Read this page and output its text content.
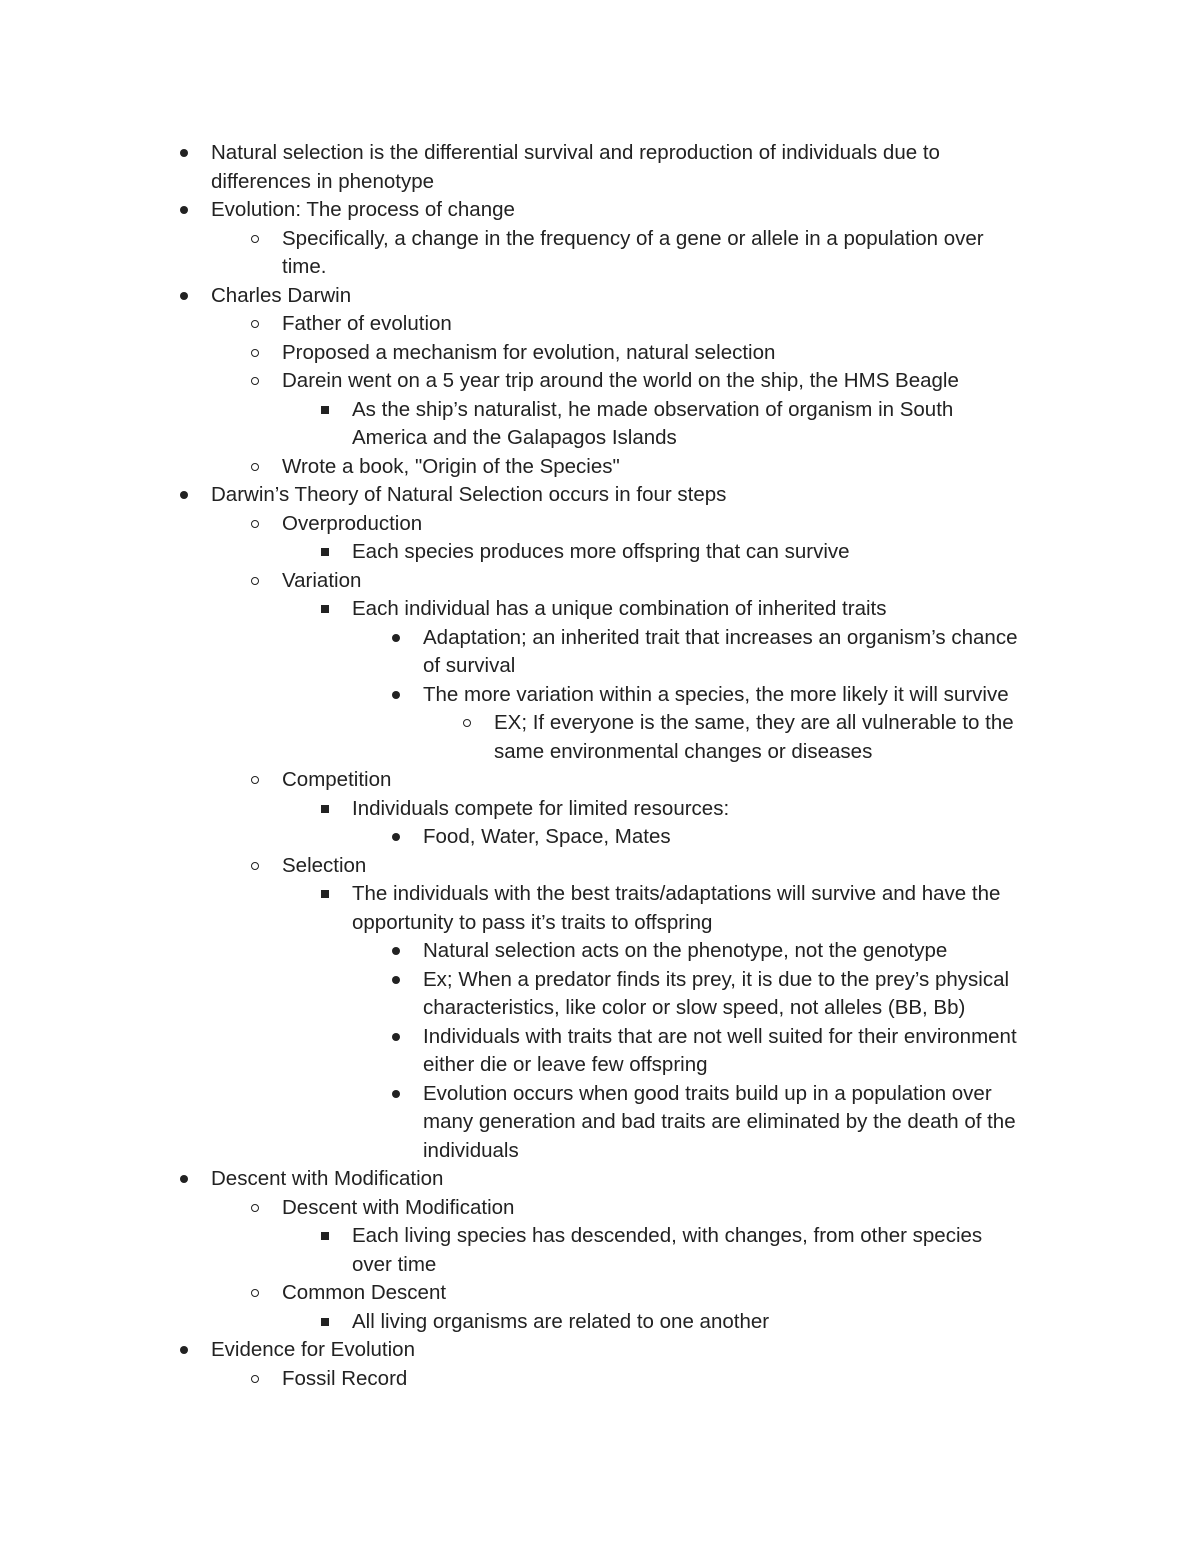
Natural selection is the differential survival and reproduction of individuals due to
differences in phenotype
Evolution: The process of change
Specifically, a change in the frequency of a gene or allele in a population over
time.
Charles Darwin
Father of evolution
Proposed a mechanism for evolution, natural selection
Darein went on a 5 year trip around the world on the ship, the HMS Beagle
As the ship’s naturalist, he made observation of organism in South
America and the Galapagos Islands
Wrote a book, "Origin of the Species"
Darwin’s Theory of Natural Selection occurs in four steps
Overproduction
Each species produces more offspring that can survive
Variation
Each individual has a unique combination of inherited traits
Adaptation; an inherited trait that increases an organism’s chance
of survival
The more variation within a species, the more likely it will survive
EX; If everyone is the same, they are all vulnerable to the
same environmental changes or diseases
Competition
Individuals compete for limited resources:
Food, Water, Space, Mates
Selection
The individuals with the best traits/adaptations will survive and have the
opportunity to pass it’s traits to offspring
Natural selection acts on the phenotype, not the genotype
Ex; When a predator finds its prey, it is due to the prey’s physical
characteristics, like color or slow speed, not alleles (BB, Bb)
Individuals with traits that are not well suited for their environment
either die or leave few offspring
Evolution occurs when good traits build up in a population over
many generation and bad traits are eliminated by the death of the
individuals
Descent with Modification
Descent with Modification
Each living species has descended, with changes, from other species
over time
Common Descent
All living organisms are related to one another
Evidence for Evolution
Fossil Record
